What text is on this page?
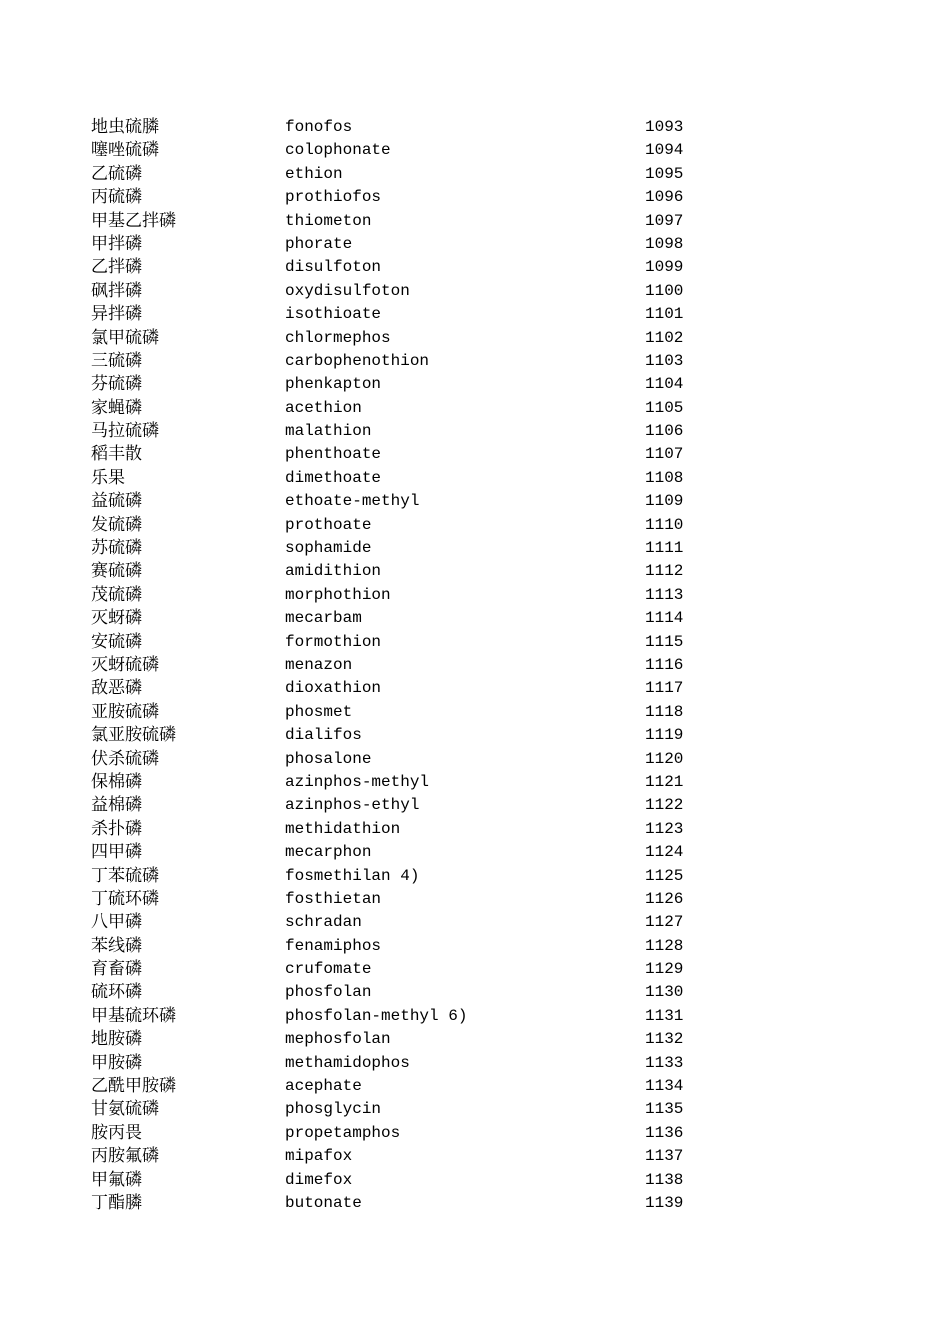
地虫硫膦	fonofos	1093
噻唑硫磷	colophonate	1094
乙硫磷	ethion	1095
丙硫磷	prothiofos	1096
甲基乙拌磷	thiometon	1097
甲拌磷	phorate	1098
乙拌磷	disulfoton	1099
砜拌磷	oxydisulfoton	1100
异拌磷	isothioate	1101
氯甲硫磷	chlormephos	1102
三硫磷	carbophenothion	1103
芬硫磷	phenkapton	1104
家蝇磷	acethion	1105
马拉硫磷	malathion	1106
稻丰散	phenthoate	1107
乐果	dimethoate	1108
益硫磷	ethoate-methyl	1109
发硫磷	prothoate	1110
苏硫磷	sophamide	1111
赛硫磷	amidithion	1112
茂硫磷	morphothion	1113
灭蚜磷	mecarbam	1114
安硫磷	formothion	1115
灭蚜硫磷	menazon	1116
敌恶磷	dioxathion	1117
亚胺硫磷	phosmet	1118
氯亚胺硫磷	dialifos	1119
伏杀硫磷	phosalone	1120
保棉磷	azinphos-methyl	1121
益棉磷	azinphos-ethyl	1122
杀扑磷	methidathion	1123
四甲磷	mecarphon	1124
丁苯硫磷	fosmethilan 4)	1125
丁硫环磷	fosthietan	1126
八甲磷	schradan	1127
苯线磷	fenamiphos	1128
育畜磷	crufomate	1129
硫环磷	phosfolan	1130
甲基硫环磷	phosfolan-methyl 6)	1131
地胺磷	mephosfolan	1132
甲胺磷	methamidophos	1133
乙酰甲胺磷	acephate	1134
甘氨硫磷	phosglycin	1135
胺丙畏	propetamphos	1136
丙胺氟磷	mipafox	1137
甲氟磷	dimefox	1138
丁酯膦	butonate	1139
